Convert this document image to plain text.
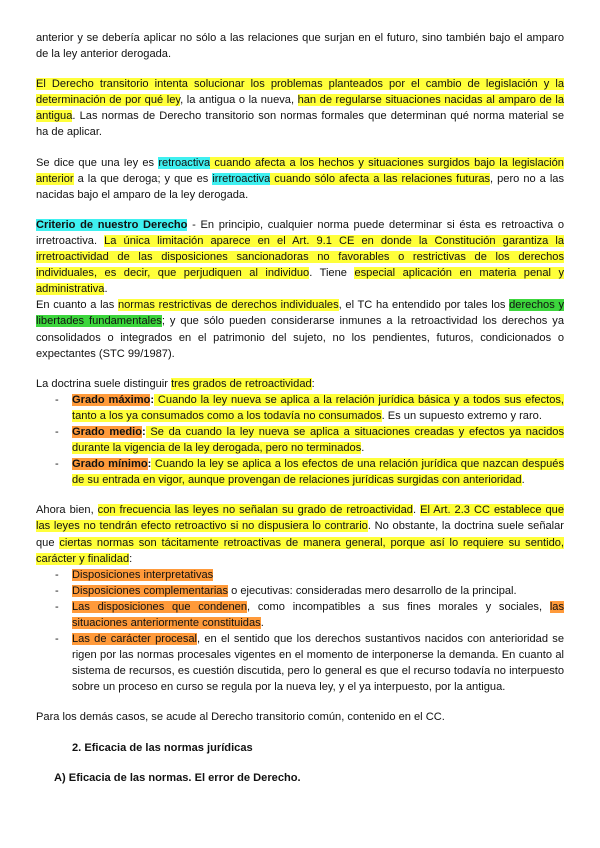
anterior y se debería aplicar no sólo a las relaciones que surjan en el futuro, sino también bajo el amparo de la ley anterior derogada.

El Derecho transitorio intenta solucionar los problemas planteados por el cambio de legislación y la determinación de por qué ley, la antigua o la nueva, han de regularse situaciones nacidas al amparo de la antigua. Las normas de Derecho transitorio son normas formales que determinan qué norma material se ha de aplicar.

Se dice que una ley es retroactiva cuando afecta a los hechos y situaciones surgidos bajo la legislación anterior a la que deroga; y que es irretroactiva cuando sólo afecta a las relaciones futuras, pero no a las nacidas bajo el amparo de la ley derogada.

Criterio de nuestro Derecho - En principio, cualquier norma puede determinar si ésta es retroactiva o irretroactiva. La única limitación aparece en el Art. 9.1 CE en donde la Constitución garantiza la irretroactividad de las disposiciones sancionadoras no favorables o restrictivas de los derechos individuales, es decir, que perjudiquen al individuo. Tiene especial aplicación en materia penal y administrativa.

En cuanto a las normas restrictivas de derechos individuales, el TC ha entendido por tales los derechos y libertades fundamentales; y que sólo pueden considerarse inmunes a la retroactividad los derechos ya consolidados o integrados en el patrimonio del sujeto, no los pendientes, futuros, condicionados o expectantes (STC 99/1987).

La doctrina suele distinguir tres grados de retroactividad:

- Grado máximo: Cuando la ley nueva se aplica a la relación jurídica básica y a todos sus efectos, tanto a los ya consumados como a los todavía no consumados. Es un supuesto extremo y raro.
- Grado medio: Se da cuando la ley nueva se aplica a situaciones creadas y efectos ya nacidos durante la vigencia de la ley derogada, pero no terminados.
- Grado mínimo: Cuando la ley se aplica a los efectos de una relación jurídica que nazcan después de su entrada en vigor, aunque provengan de relaciones jurídicas surgidas con anterioridad.

Ahora bien, con frecuencia las leyes no señalan su grado de retroactividad. El Art. 2.3 CC establece que las leyes no tendrán efecto retroactivo si no dispusiera lo contrario. No obstante, la doctrina suele señalar que ciertas normas son tácitamente retroactivas de manera general, porque así lo requiere su sentido, carácter y finalidad:

- Disposiciones interpretativas
- Disposiciones complementarias o ejecutivas: consideradas mero desarrollo de la principal.
- Las disposiciones que condenen, como incompatibles a sus fines morales y sociales, las situaciones anteriormente constituidas.
- Las de carácter procesal, en el sentido que los derechos sustantivos nacidos con anterioridad se rigen por las normas procesales vigentes en el momento de interponerse la demanda. En cuanto al sistema de recursos, es cuestión discutida, pero lo general es que el recurso todavía no interpuesto sobre un proceso en curso se regula por la nueva ley, y el ya interpuesto, por la antigua.

Para los demás casos, se acude al Derecho transitorio común, contenido en el CC.

2. Eficacia de las normas jurídicas
A) Eficacia de las normas. El error de Derecho.
